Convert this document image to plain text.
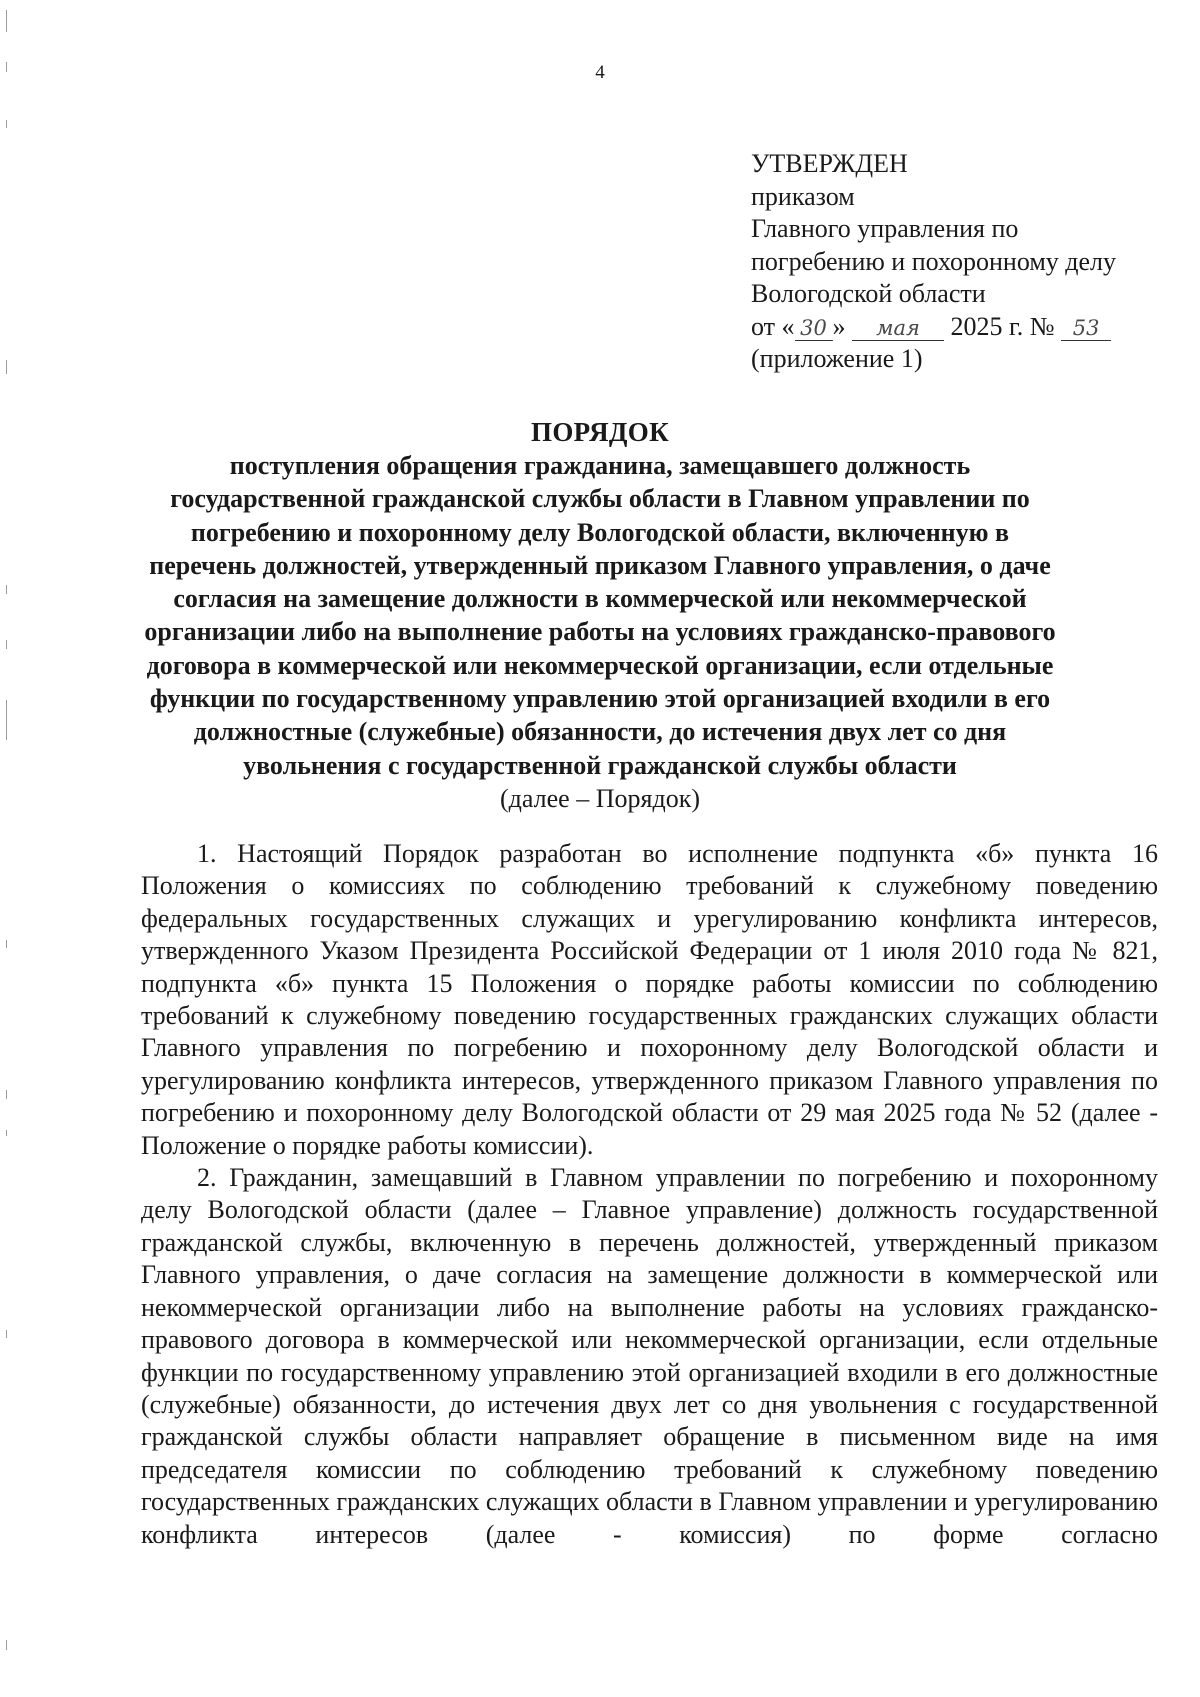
4
УТВЕРЖДЕН
приказом
Главного управления по
погребению и похоронному делу
Вологодской области
от « 30 » мая 2025 г. № 53
(приложение 1)
ПОРЯДОК
поступления обращения гражданина, замещавшего должность
государственной гражданской службы области в Главном управлении по
погребению и похоронному делу Вологодской области, включенную в
перечень должностей, утвержденный приказом Главного управления, о даче
согласия на замещение должности в коммерческой или некоммерческой
организации либо на выполнение работы на условиях гражданско-правового
договора в коммерческой или некоммерческой организации, если отдельные
функции по государственному управлению этой организацией входили в его
должностные (служебные) обязанности, до истечения двух лет со дня
увольнения с государственной гражданской службы области
(далее – Порядок)

1. Настоящий Порядок разработан во исполнение подпункта «б» пункта 16 Положения о комиссиях по соблюдению требований к служебному поведению федеральных государственных служащих и урегулированию конфликта интересов, утвержденного Указом Президента Российской Федерации от 1 июля 2010 года № 821, подпункта «б» пункта 15 Положения о порядке работы комиссии по соблюдению требований к служебному поведению государственных гражданских служащих области Главного управления по погребению и похоронному делу Вологодской области и урегулированию конфликта интересов, утвержденного приказом Главного управления по погребению и похоронному делу Вологодской области от 29 мая 2025 года № 52 (далее - Положение о порядке работы комиссии).

2. Гражданин, замещавший в Главном управлении по погребению и похоронному делу Вологодской области (далее – Главное управление) должность государственной гражданской службы, включенную в перечень должностей, утвержденный приказом Главного управления, о даче согласия на замещение должности в коммерческой или некоммерческой организации либо на выполнение работы на условиях гражданско-правового договора в коммерческой или некоммерческой организации, если отдельные функции по государственному управлению этой организацией входили в его должностные (служебные) обязанности, до истечения двух лет со дня увольнения с государственной гражданской службы области направляет обращение в письменном виде на имя председателя комиссии по соблюдению требований к служебному поведению государственных гражданских служащих области в Главном управлении и урегулированию конфликта интересов (далее - комиссия) по форме согласно
